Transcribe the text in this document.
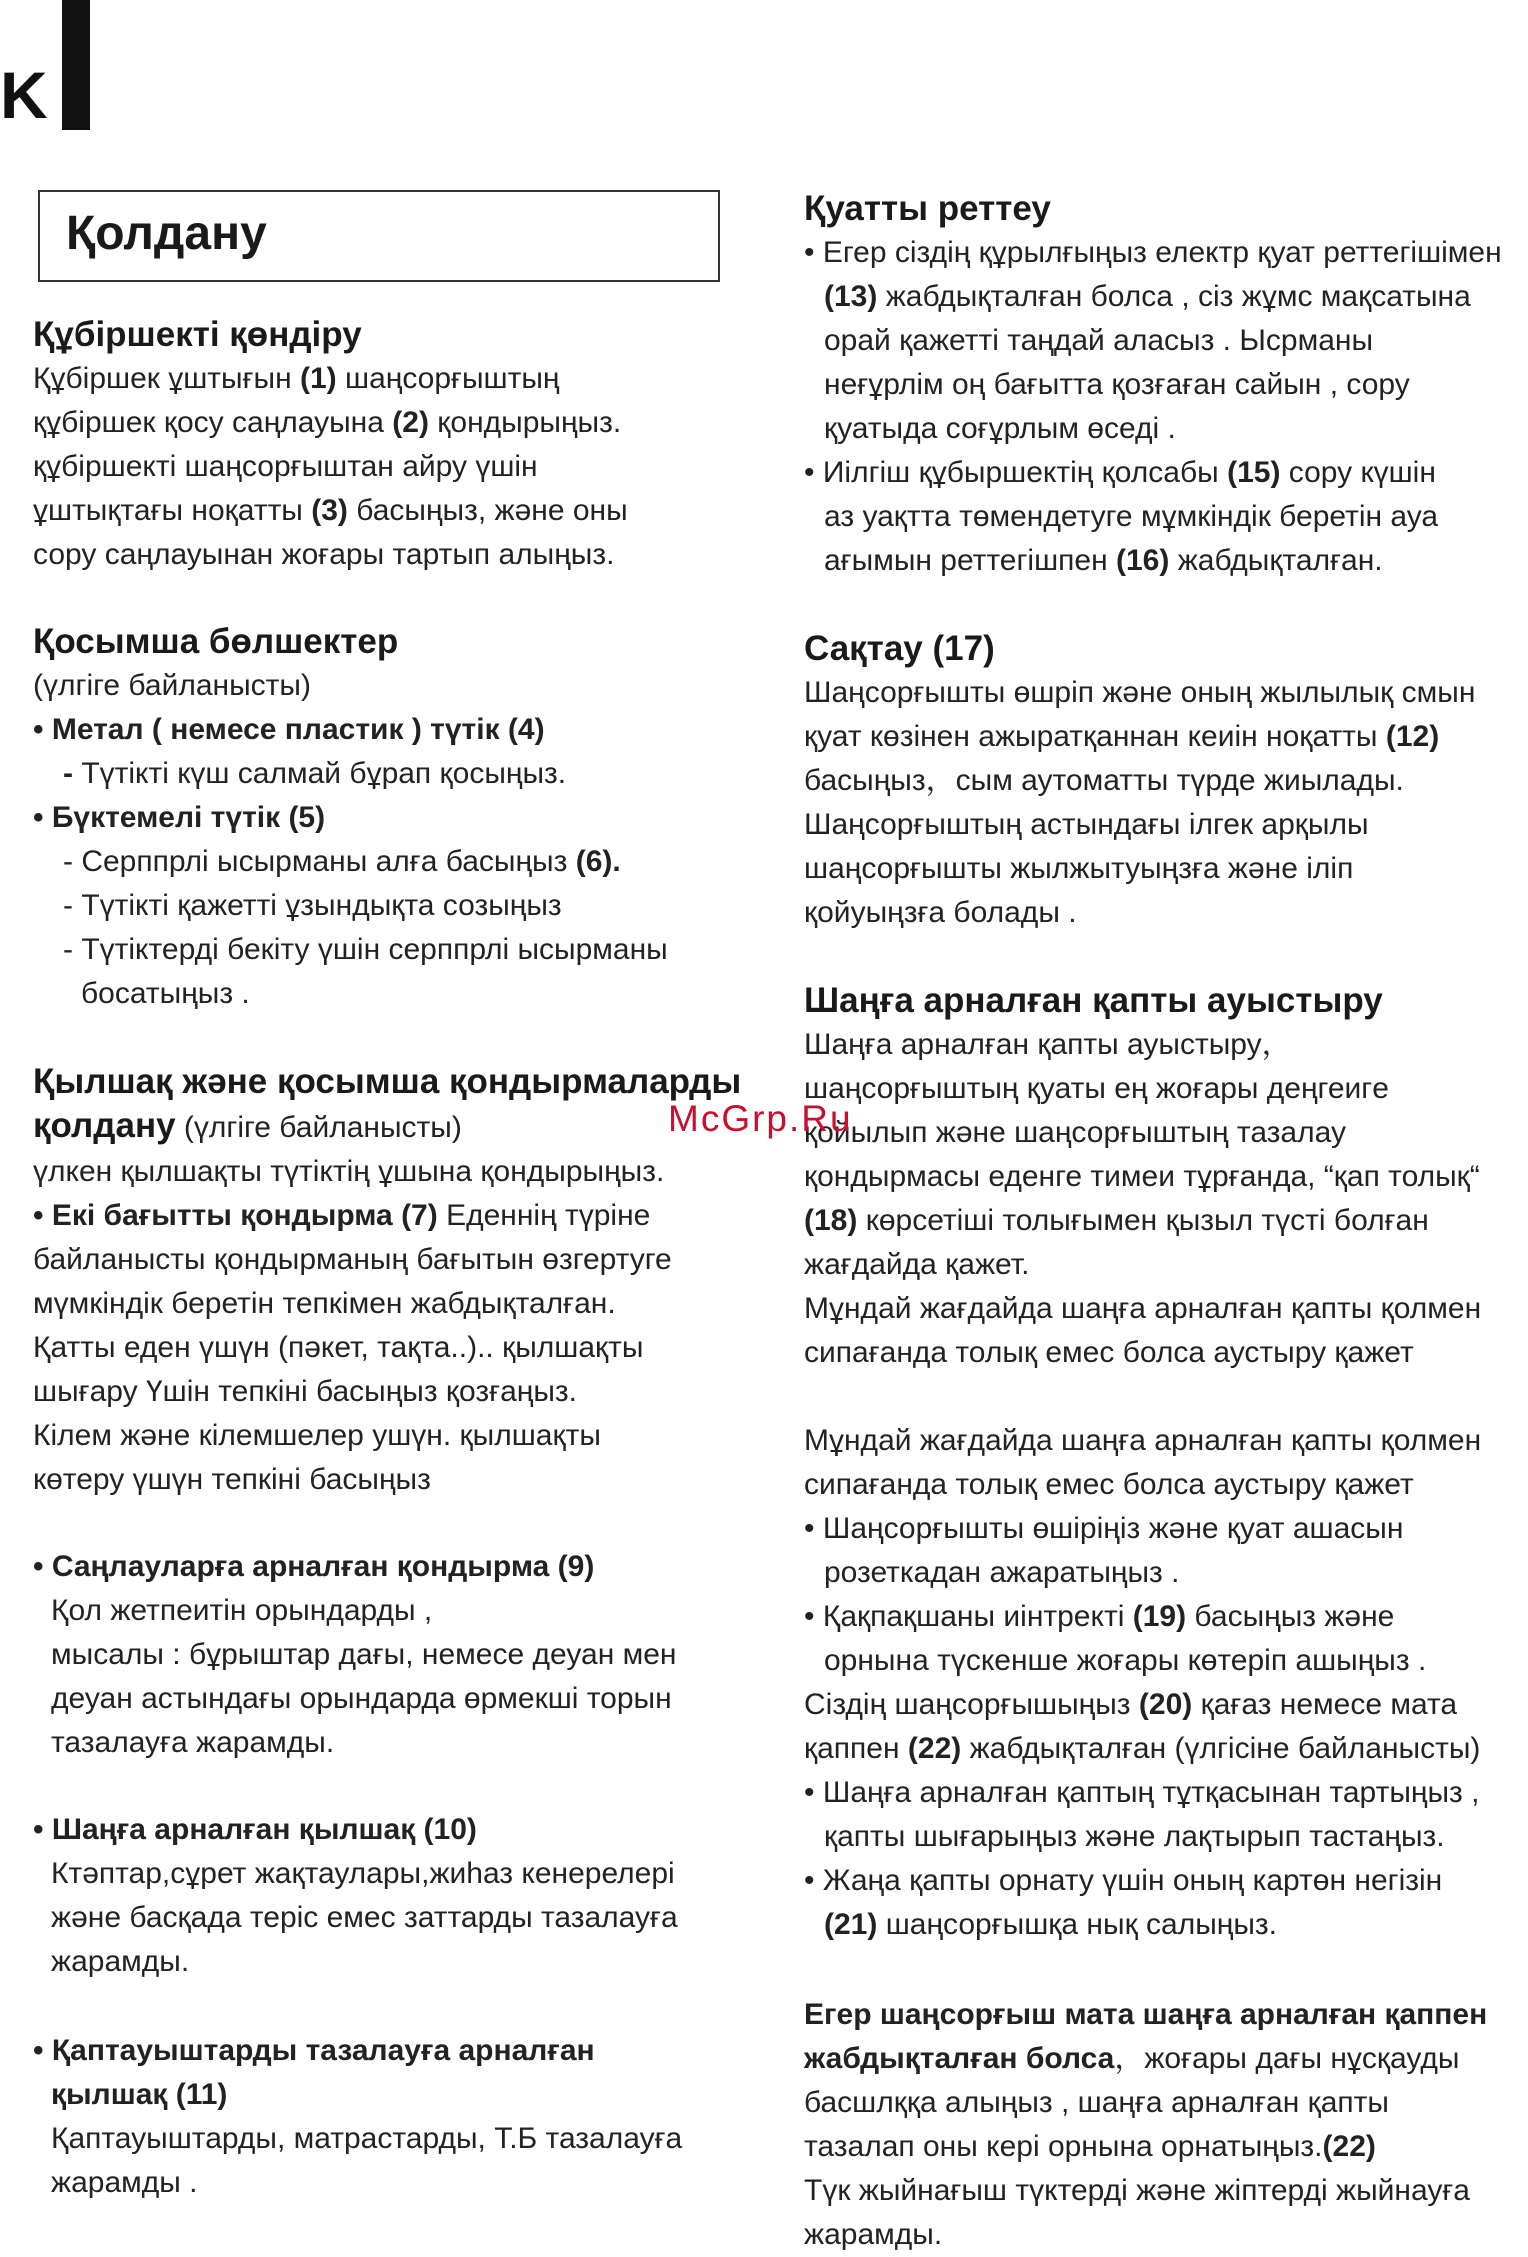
K
Қолдану

Құбіршекті қөндіру

Құбіршек ұштығын (1) шаңсорғыштың

құбіршек қосу саңлауына (2) қондырыңыз.

құбіршекті шаңсорғыштан айру үшін

ұштықтағы ноқатты (3) басыңыз, және оны

сору саңлауынан жоғары тартып алыңыз.

Қосымша бөлшектер

(үлгіге байланысты)

• Метал ( немесе пластик ) түтік (4)

- Түтікті күш салмай бұрап қосыңыз.

• Бүктемелі түтік (5)

- Серппрлі ысырманы алға басыңыз (6).

- Түтікті қажетті ұзындықта созыңыз

- Түтіктерді бекіту үшін серппрлі ысырманы

босатыңыз .

Қылшақ және қосымша қондырмаларды

қолдану (үлгіге байланысты)

үлкен қылшақты түтіктің ұшына қондырыңыз.

• Екі бағытты қондырма (7) Еденнің түріне

байланысты қондырманың бағытын өзгертуге

мүмкіндік беретін тепкімен жабдықталған.

Қатты еден үшүн (пәкет, тақта..).. қылшақты

шығару Үшін тепкіні басыңыз қозғаңыз.

Кілем және кілемшелер ушүн. қылшақты

көтеру үшүн тепкіні басыңыз

• Саңлауларға арналған қондырма (9)

Қол жетпеитін орындарды ,

мысалы : бұрыштар дағы, немесе деуан мен

деуан астындағы орындарда өрмекші торын

тазалауға жарамды.

• Шаңға арналған қылшақ (10)

Ктәптар,сұрет жақтаулары,жиһаз кенерелері

және басқада теріс емес заттарды тазалауға

жарамды.

• Қаптауыштарды тазалауға арналған

қылшақ (11)

Қаптауыштарды, матрастарды, Т.Б тазалауға

жарамды .

Қуатты реттеу

• Егер сіздің құрылғыңыз електр қуат реттегішімен

(13) жабдықталған болса , сіз жұмс мақсатына

орай қажетті таңдай аласыз . Ысрманы

неғұрлім оң бағытта қозғаған сайын , сору

қуатыда соғұрлым өседі .

• Иілгіш құбыршектің қолсабы (15) сору күшін

аз уақтта төмендетуге мұмкіндік беретін ауа

ағымын реттегішпен (16) жабдықталған.

Сақтау (17)

Шаңсорғышты өшріп және оның жылылық смын

қуат көзінен ажыратқаннан кеиін ноқатты (12)

басыңыз，сым аутоматты түрде жиылады.

Шаңсорғыштың астындағы ілгек арқылы

шаңсорғышты жылжытуыңзға және іліп

қойуыңзға болады .

Шаңға арналған қапты ауыстыру

Шаңға арналған қапты ауыстыру，

шаңсорғыштың қуаты ең жоғары деңгеигe

қойылып және шаңсорғыштың тазалау

қондырмасы еденге тимеи тұрғанда, “қап толық“

(18) көрсетіші толығымен қызыл түсті болған

жағдайда қажет.

Мұндай жағдайда шаңға арналған қапты қолмен

сипағанда толық емес болса аустыру қажет

Мұндай жағдайда шаңға арналған қапты қолмен

сипағанда толық емес болса аустыру қажет

• Шаңсорғышты өшіріңіз және қуат ашасын

розеткадан ажаратыңыз .

• Қақпақшаны иінтректі (19) басыңыз және

орнына түскенше жоғары көтеріп ашыңыз .

Сіздің шаңсорғышыңыз (20) қағаз немесе мата

қаппен (22) жабдықталған (үлгісіне байланысты)

• Шаңға арналған қаптың тұтқасынан тартыңыз ,

қапты шығарыңыз және лақтырып тастаңыз.

• Жаңа қапты орнату үшін оның картөн негізін

(21) шаңсорғышқа нық салыңыз.

Егер шаңсорғыш мата шаңға арналған қаппен

жабдықталған болса，жоғары дағы нұсқауды

басшлққа алыңыз , шаңға арналған қапты

тазалап оны кері орнына орнатыңыз.(22)

Түк жыйнағыш түктерді және жіптерді жыйнауға

жарамды.

McGrp.Ru
